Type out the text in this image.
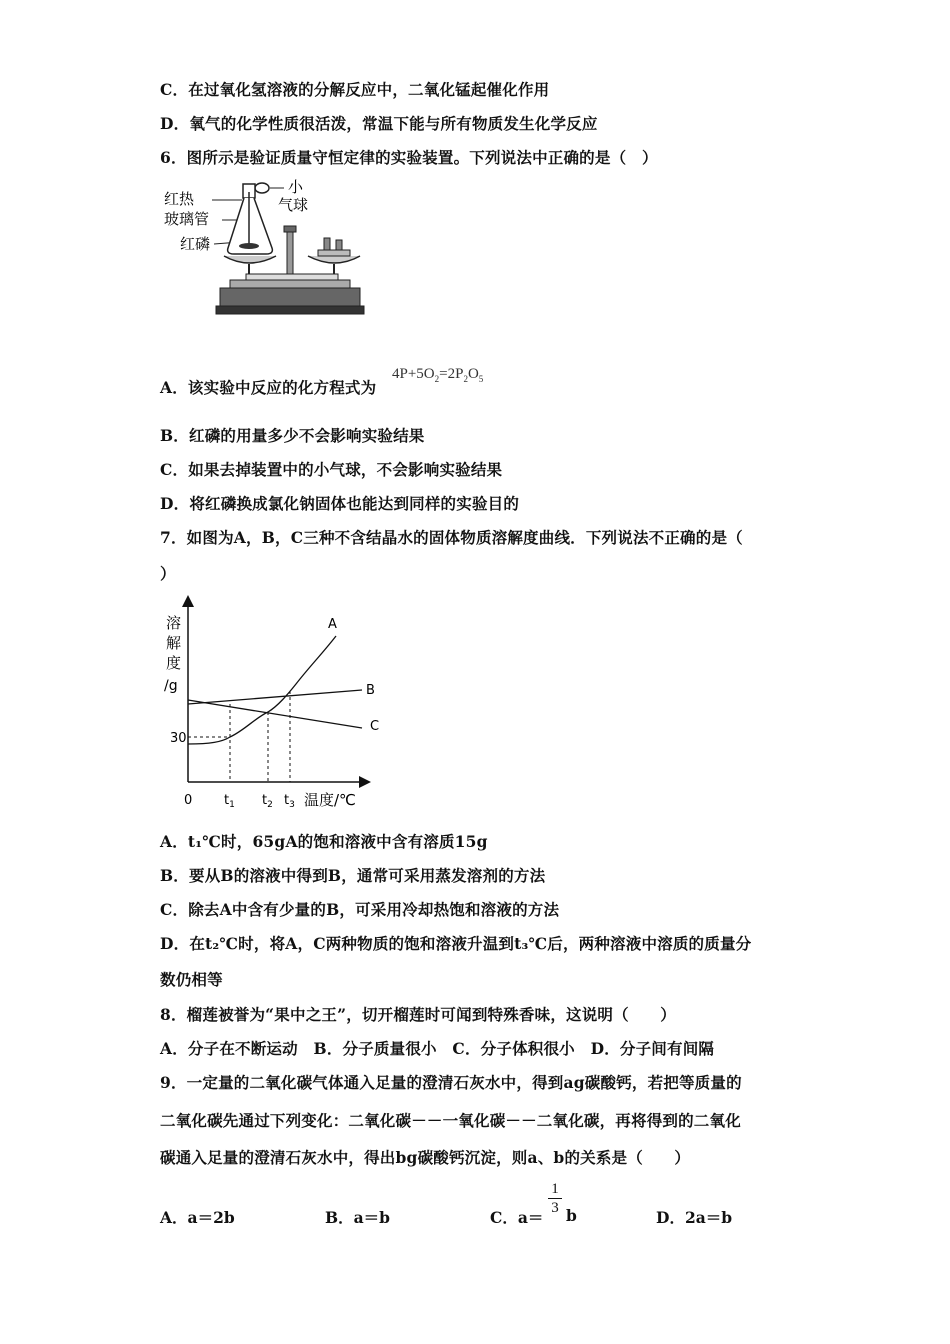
C．在过氧化氢溶液的分解反应中，二氧化锰起催化作用
D．氧气的化学性质很活泼，常温下能与所有物质发生化学反应
6．图所示是验证质量守恒定律的实验装置。下列说法中正确的是（　）
红热
玻璃管
红磷
小
气球
A．该实验中反应的化方程式为
$4P+5O_2=2P_2O_5$
B．红磷的用量多少不会影响实验结果
C．如果去掉装置中的小气球，不会影响实验结果
D．将红磷换成氯化钠固体也能达到同样的实验目的
7．如图为A，B，C三种不含结晶水的固体物质溶解度曲线．下列说法不正确的是（
）
溶
解
度
/g
30
A
B
C
0 $t_1$ $t_2$ $t_3$ 温度/℃
A．t₁℃时，65gA的饱和溶液中含有溶质15g
B．要从B的溶液中得到B，通常可采用蒸发溶剂的方法
C．除去A中含有少量的B，可采用冷却热饱和溶液的方法
D．在t₂℃时，将A，C两种物质的饱和溶液升温到t₃℃后，两种溶液中溶质的质量分
数仍相等
8．榴莲被誉为“果中之王”，切开榴莲时可闻到特殊香味，这说明（　　）
A．分子在不断运动　B．分子质量很小　C．分子体积很小　D．分子间有间隔
9．一定量的二氧化碳气体通入足量的澄清石灰水中，得到ag碳酸钙，若把等质量的
二氧化碳先通过下列变化：二氧化碳－－一氧化碳－－二氧化碳，再将得到的二氧化
碳通入足量的澄清石灰水中，得出bg碳酸钙沉淀，则a、b的关系是（　　）
A．a＝2b	B．a＝b	C．a＝
$\frac{1}{3}$ b	D．2a＝b
